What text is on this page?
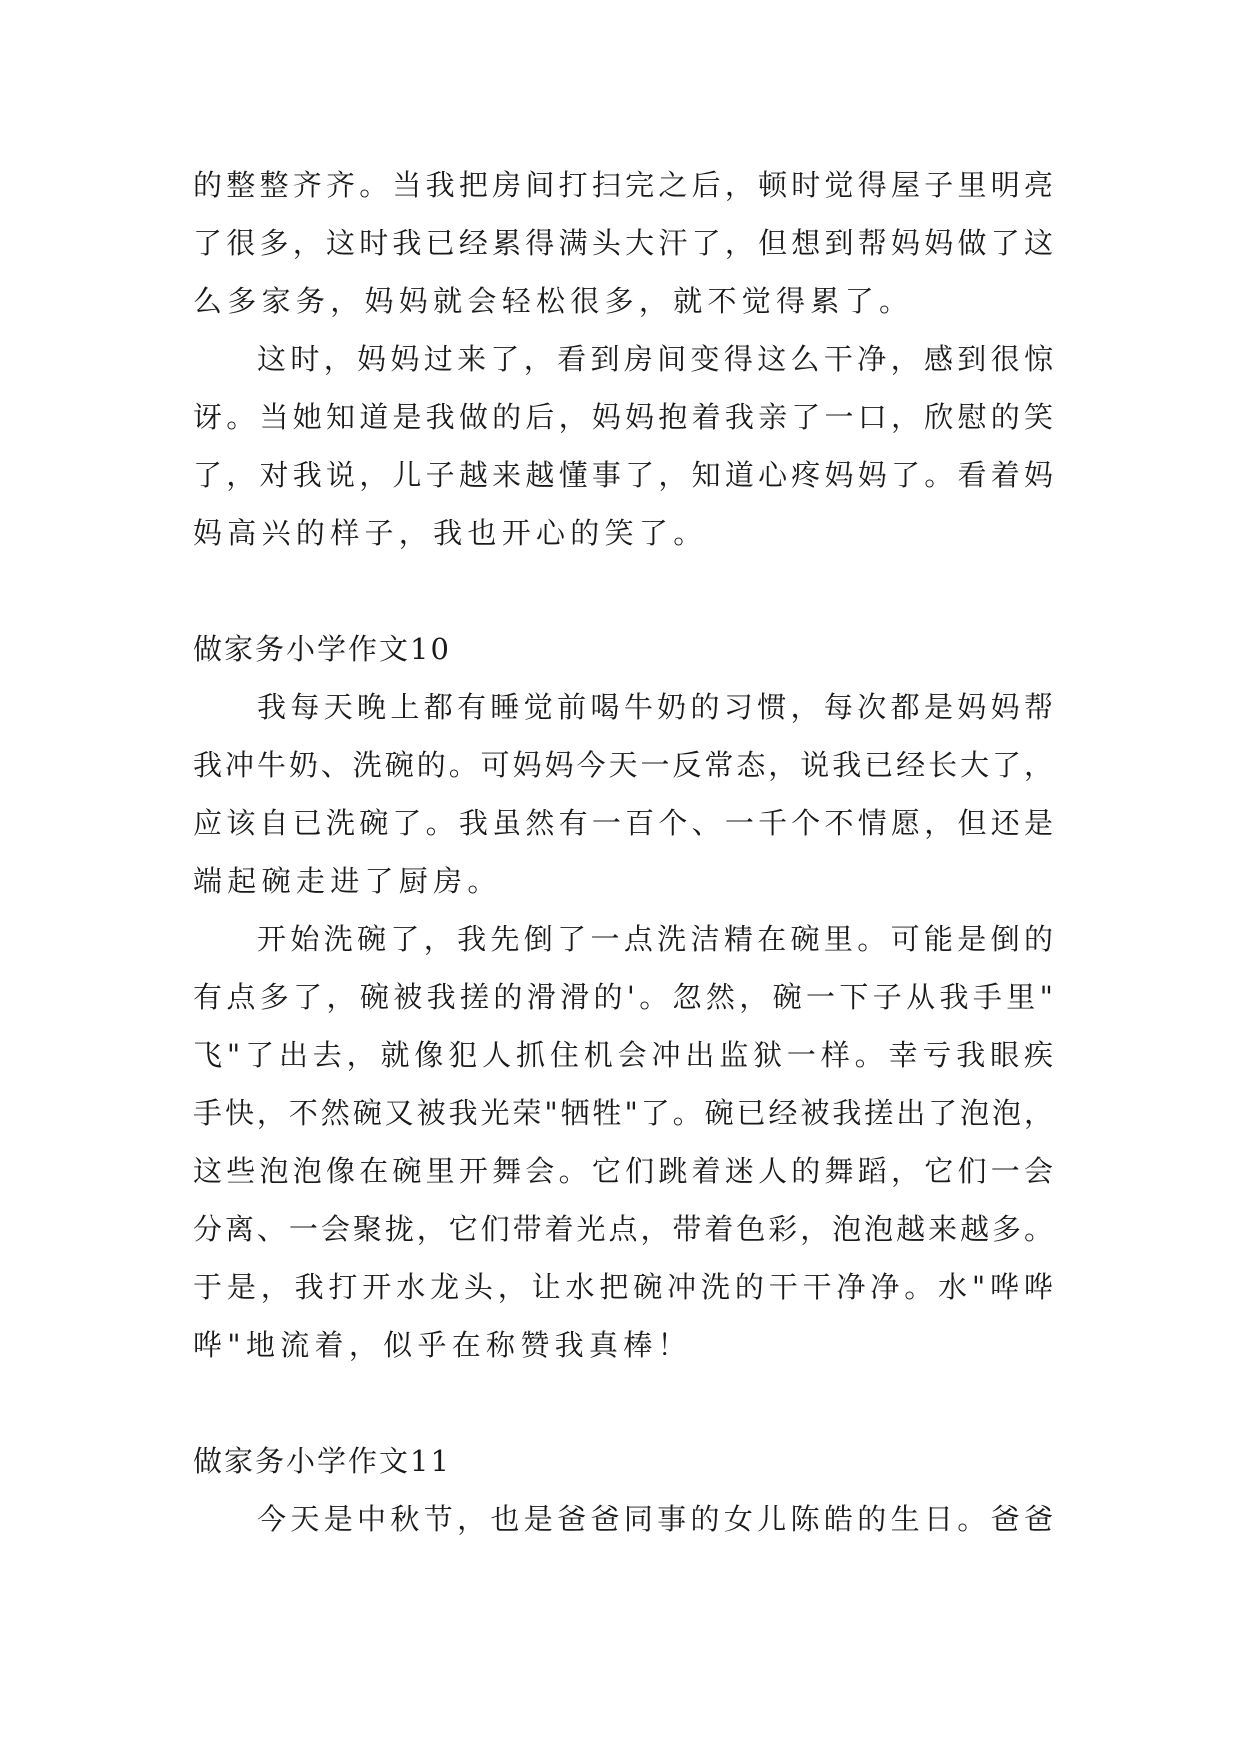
的整整齐齐。当我把房间打扫完之后，顿时觉得屋子里明亮
了很多，这时我已经累得满头大汗了，但想到帮妈妈做了这
么多家务，妈妈就会轻松很多，就不觉得累了。
这时，妈妈过来了，看到房间变得这么干净，感到很惊
讶。当她知道是我做的后，妈妈抱着我亲了一口，欣慰的笑
了，对我说，儿子越来越懂事了，知道心疼妈妈了。看着妈
妈高兴的样子，我也开心的笑了。
做家务小学作文10
我每天晚上都有睡觉前喝牛奶的习惯，每次都是妈妈帮
我冲牛奶、洗碗的。可妈妈今天一反常态，说我已经长大了，
应该自已洗碗了。我虽然有一百个、一千个不情愿，但还是
端起碗走进了厨房。
开始洗碗了，我先倒了一点洗洁精在碗里。可能是倒的
有点多了，碗被我搓的滑滑的'。忽然，碗一下子从我手里"
飞"了出去，就像犯人抓住机会冲出监狱一样。幸亏我眼疾
手快，不然碗又被我光荣"牺牲"了。碗已经被我搓出了泡泡，
这些泡泡像在碗里开舞会。它们跳着迷人的舞蹈，它们一会
分离、一会聚拢，它们带着光点，带着色彩，泡泡越来越多。
于是，我打开水龙头，让水把碗冲洗的干干净净。水"哗哗
哗"地流着，似乎在称赞我真棒！
做家务小学作文11
今天是中秋节，也是爸爸同事的女儿陈皓的生日。爸爸
